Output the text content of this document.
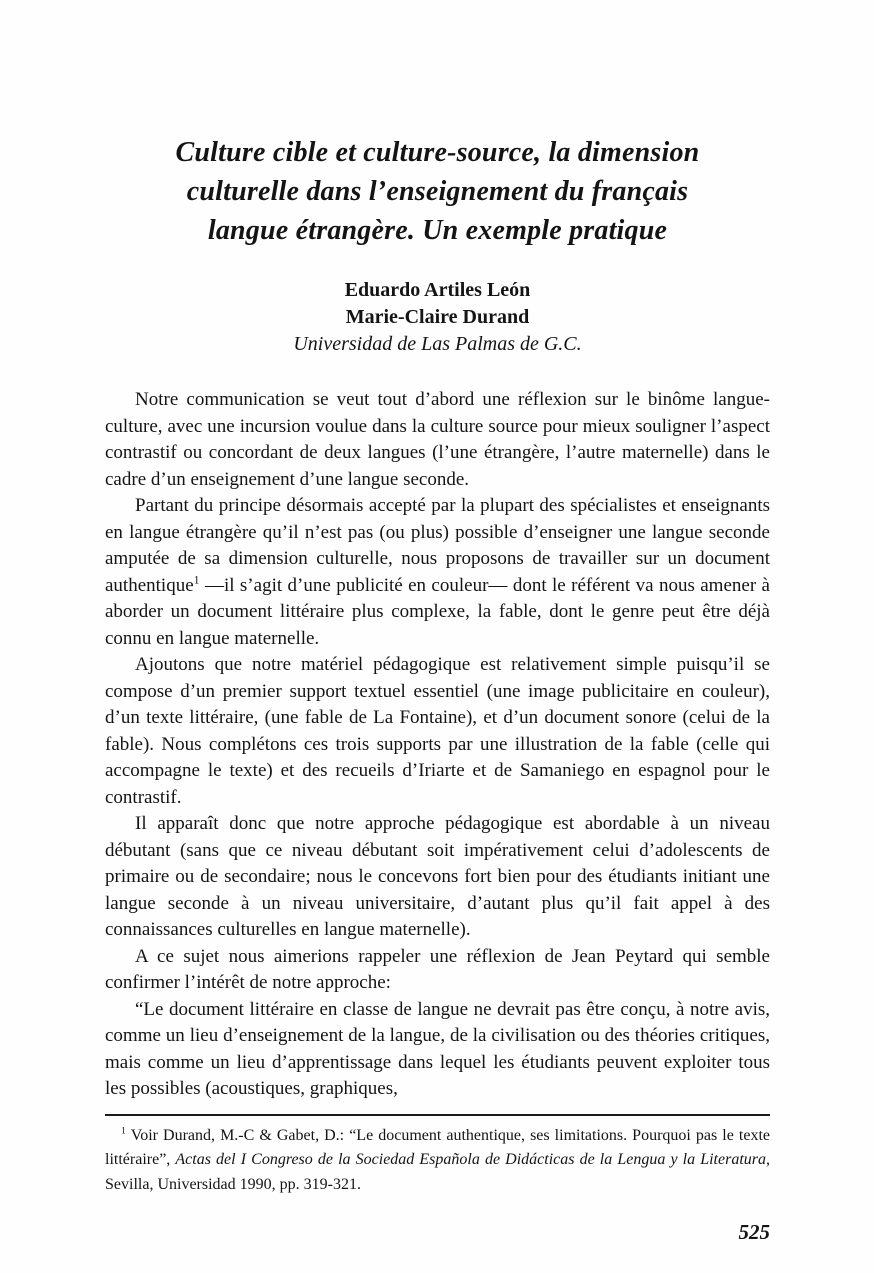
Culture cible et culture-source, la dimension
culturelle dans l’enseignement du français
langue étrangère. Un exemple pratique
Eduardo Artiles León
Marie-Claire Durand
Universidad de Las Palmas de G.C.

Notre communication se veut tout d’abord une réflexion sur le binôme langue-culture, avec une incursion voulue dans la culture source pour mieux souligner l’aspect contrastif ou concordant de deux langues (l’une étrangère, l’autre maternelle) dans le cadre d’un enseignement d’une langue seconde.

Partant du principe désormais accepté par la plupart des spécialistes et enseignants en langue étrangère qu’il n’est pas (ou plus) possible d’enseigner une langue seconde amputée de sa dimension culturelle, nous proposons de travailler sur un document authentique$^1$ —il s’agit d’une publicité en couleur— dont le référent va nous amener à aborder un document littéraire plus complexe, la fable, dont le genre peut être déjà connu en langue maternelle.

Ajoutons que notre matériel pédagogique est relativement simple puisqu’il se compose d’un premier support textuel essentiel (une image publicitaire en couleur), d’un texte littéraire, (une fable de La Fontaine), et d’un document sonore (celui de la fable). Nous complétons ces trois supports par une illustration de la fable (celle qui accompagne le texte) et des recueils d’Iriarte et de Samaniego en espagnol pour le contrastif.

Il apparaît donc que notre approche pédagogique est abordable à un niveau débutant (sans que ce niveau débutant soit impérativement celui d’adolescents de primaire ou de secondaire; nous le concevons fort bien pour des étudiants initiant une langue seconde à un niveau universitaire, d’autant plus qu’il fait appel à des connaissances culturelles en langue maternelle).

A ce sujet nous aimerions rappeler une réflexion de Jean Peytard qui semble confirmer l’intérêt de notre approche:

“Le document littéraire en classe de langue ne devrait pas être conçu, à notre avis, comme un lieu d’enseignement de la langue, de la civilisation ou des théories critiques, mais comme un lieu d’apprentissage dans lequel les étudiants peuvent exploiter tous les possibles (acoustiques, graphiques,

$^1$ Voir Durand, M.-C & Gabet, D.: “Le document authentique, ses limitations. Pourquoi pas le texte littéraire”, Actas del I Congreso de la Sociedad Española de Didácticas de la Lengua y la Literatura, Sevilla, Universidad 1990, pp. 319-321.
525
